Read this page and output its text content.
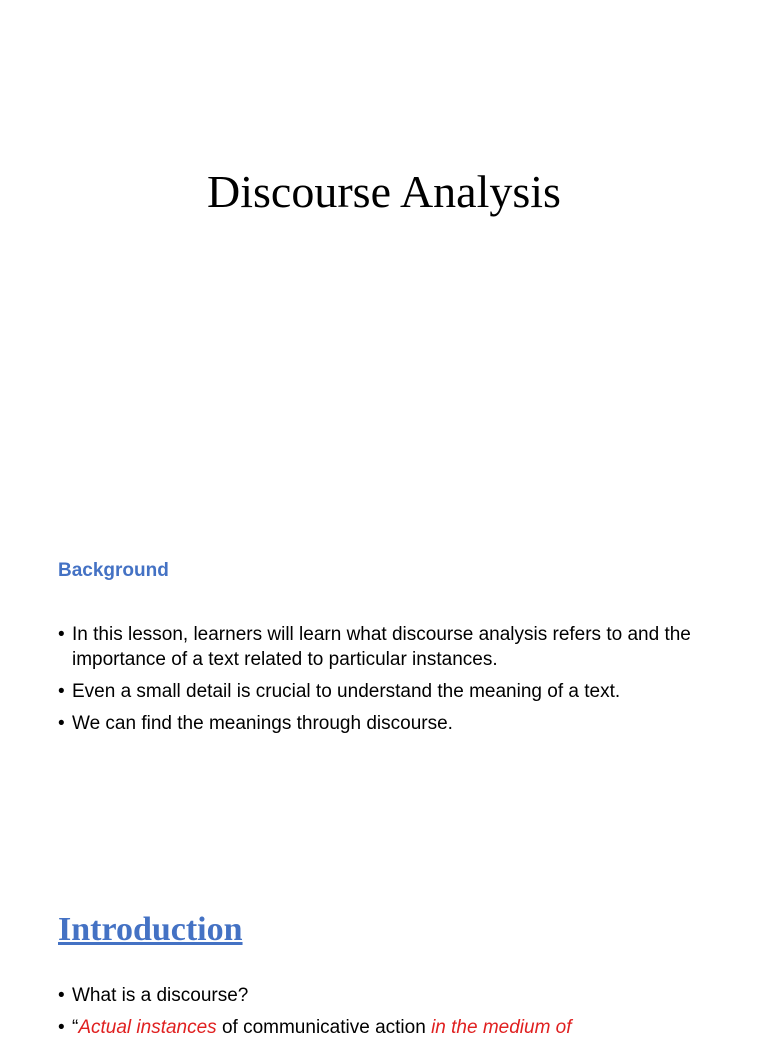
Discourse Analysis
Background
• In this lesson, learners will learn what discourse analysis refers to and the importance of a text related to particular instances.
• Even a small detail is crucial to understand the meaning of a text.
• We can find the meanings through discourse.
Introduction
• What is a discourse?
• “Actual instances of communicative action in the medium of
